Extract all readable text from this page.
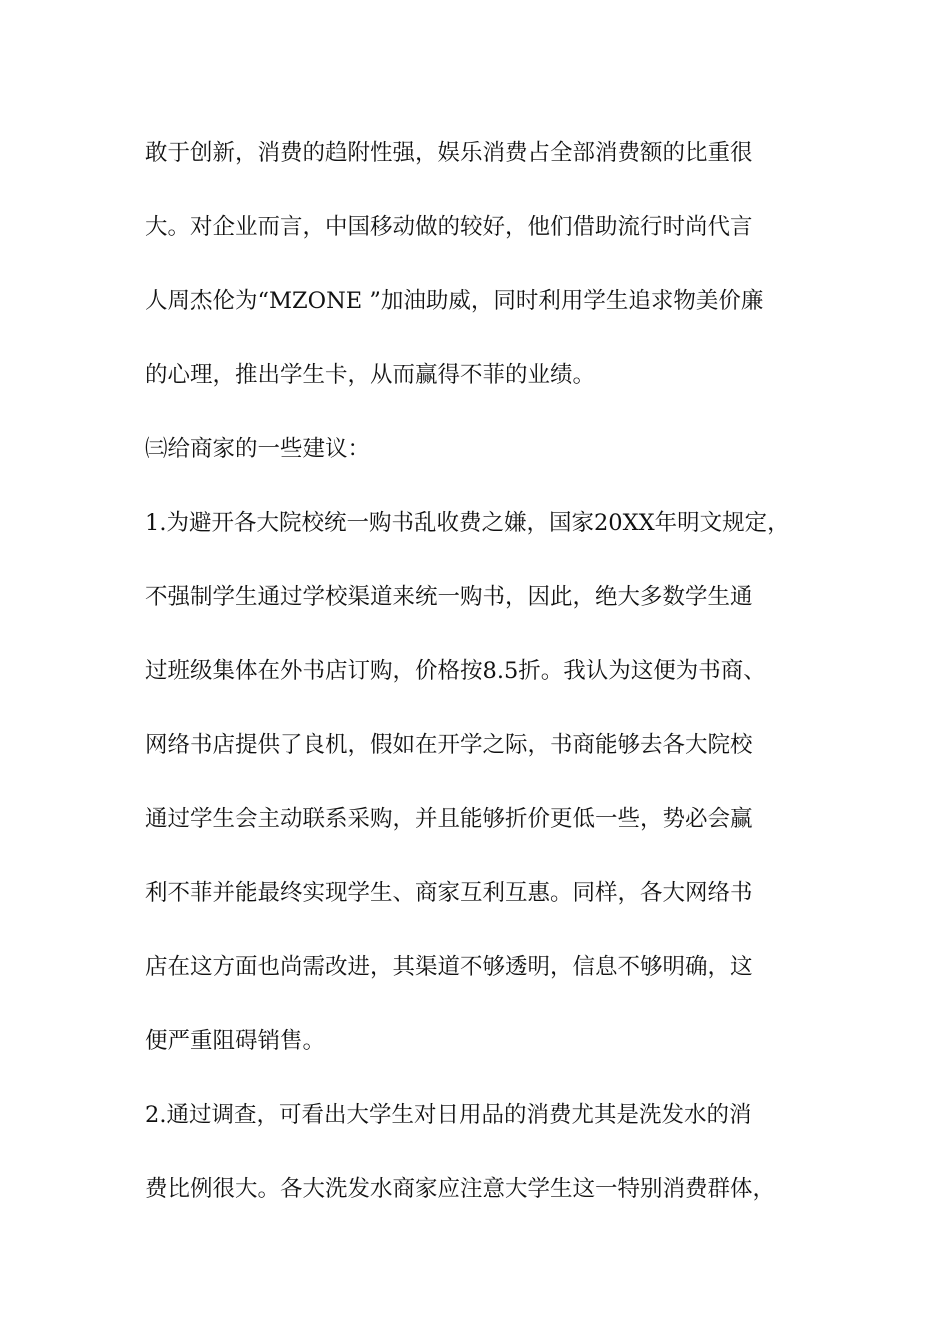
敢于创新，消费的趋附性强，娱乐消费占全部消费额的比重很
大。对企业而言，中国移动做的较好，他们借助流行时尚代言
人周杰伦为“MZONE ”加油助威，同时利用学生追求物美价廉
的心理，推出学生卡，从而赢得不菲的业绩。
㈢给商家的一些建议：
1.为避开各大院校统一购书乱收费之嫌，国家20XX年明文规定，
不强制学生通过学校渠道来统一购书，因此，绝大多数学生通
过班级集体在外书店订购，价格按8.5折。我认为这便为书商、
网络书店提供了良机，假如在开学之际，书商能够去各大院校
通过学生会主动联系采购，并且能够折价更低一些，势必会赢
利不菲并能最终实现学生、商家互利互惠。同样，各大网络书
店在这方面也尚需改进，其渠道不够透明，信息不够明确，这
便严重阻碍销售。
2.通过调查，可看出大学生对日用品的消费尤其是洗发水的消
费比例很大。各大洗发水商家应注意大学生这一特别消费群体，
